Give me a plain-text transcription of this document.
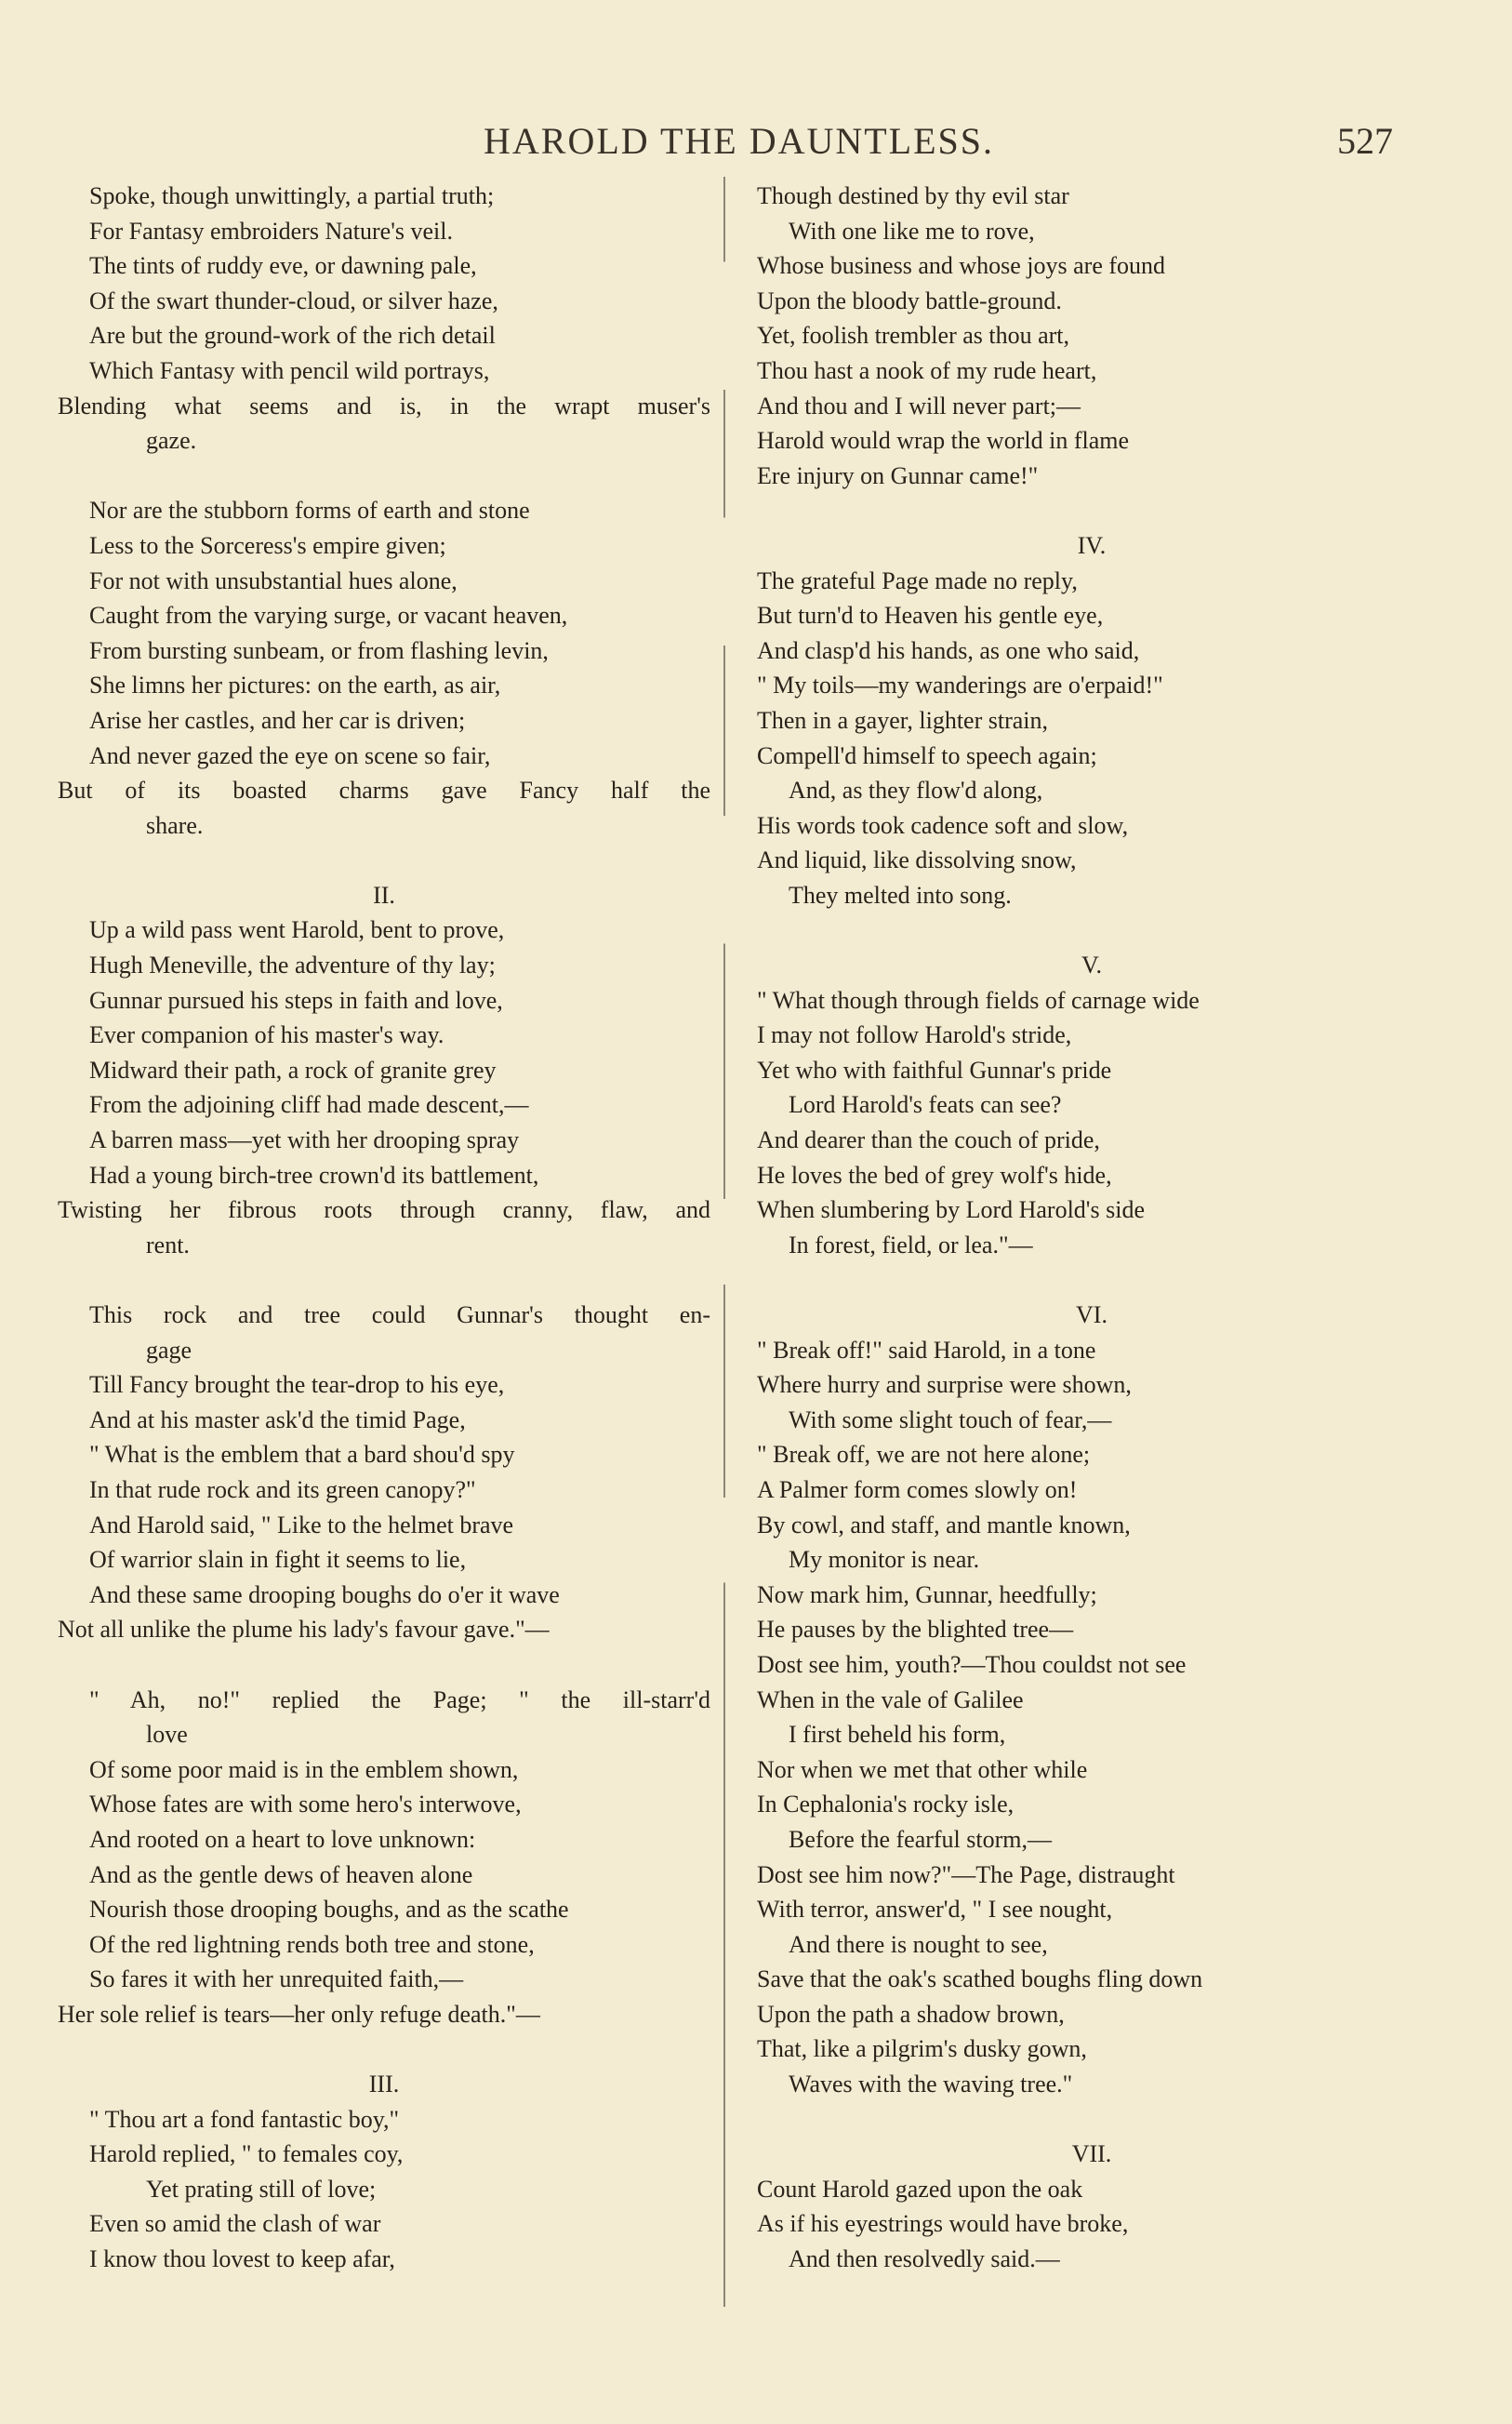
HAROLD THE DAUNTLESS.	527
Spoke, though unwittingly, a partial truth;
For Fantasy embroiders Nature's veil.
The tints of ruddy eve, or dawning pale,
Of the swart thunder-cloud, or silver haze,
Are but the ground-work of the rich detail
Which Fantasy with pencil wild portrays,
Blending what seems and is, in the wrapt muser's
gaze.
Nor are the stubborn forms of earth and stone
Less to the Sorceress's empire given;
For not with unsubstantial hues alone,
Caught from the varying surge, or vacant heaven,
From bursting sunbeam, or from flashing levin,
She limns her pictures: on the earth, as air,
Arise her castles, and her car is driven;
And never gazed the eye on scene so fair,
But of its boasted charms gave Fancy half the
share.
II.
Up a wild pass went Harold, bent to prove,
Hugh Meneville, the adventure of thy lay;
Gunnar pursued his steps in faith and love,
Ever companion of his master's way.
Midward their path, a rock of granite grey
From the adjoining cliff had made descent,—
A barren mass—yet with her drooping spray
Had a young birch-tree crown'd its battlement,
Twisting her fibrous roots through cranny, flaw, and
rent.
This rock and tree could Gunnar's thought en-
gage
Till Fancy brought the tear-drop to his eye,
And at his master ask'd the timid Page,
" What is the emblem that a bard shou'd spy
In that rude rock and its green canopy?"
And Harold said, " Like to the helmet brave
Of warrior slain in fight it seems to lie,
And these same drooping boughs do o'er it wave
Not all unlike the plume his lady's favour gave."—
" Ah, no!" replied the Page; " the ill-starr'd
love
Of some poor maid is in the emblem shown,
Whose fates are with some hero's interwove,
And rooted on a heart to love unknown:
And as the gentle dews of heaven alone
Nourish those drooping boughs, and as the scathe
Of the red lightning rends both tree and stone,
So fares it with her unrequited faith,—
Her sole relief is tears—her only refuge death."—
III.
" Thou art a fond fantastic boy,"
Harold replied, " to females coy,
Yet prating still of love;
Even so amid the clash of war
I know thou lovest to keep afar,
Though destined by thy evil star
With one like me to rove,
Whose business and whose joys are found
Upon the bloody battle-ground.
Yet, foolish trembler as thou art,
Thou hast a nook of my rude heart,
And thou and I will never part;—
Harold would wrap the world in flame
Ere injury on Gunnar came!"
IV.
The grateful Page made no reply,
But turn'd to Heaven his gentle eye,
And clasp'd his hands, as one who said,
" My toils—my wanderings are o'erpaid!"
Then in a gayer, lighter strain,
Compell'd himself to speech again;
And, as they flow'd along,
His words took cadence soft and slow,
And liquid, like dissolving snow,
They melted into song.
V.
" What though through fields of carnage wide
I may not follow Harold's stride,
Yet who with faithful Gunnar's pride
Lord Harold's feats can see?
And dearer than the couch of pride,
He loves the bed of grey wolf's hide,
When slumbering by Lord Harold's side
In forest, field, or lea."—
VI.
" Break off!" said Harold, in a tone
Where hurry and surprise were shown,
With some slight touch of fear,—
" Break off, we are not here alone;
A Palmer form comes slowly on!
By cowl, and staff, and mantle known,
My monitor is near.
Now mark him, Gunnar, heedfully;
He pauses by the blighted tree—
Dost see him, youth?—Thou couldst not see
When in the vale of Galilee
I first beheld his form,
Nor when we met that other while
In Cephalonia's rocky isle,
Before the fearful storm,—
Dost see him now?"—The Page, distraught
With terror, answer'd, " I see nought,
And there is nought to see,
Save that the oak's scathed boughs fling down
Upon the path a shadow brown,
That, like a pilgrim's dusky gown,
Waves with the waving tree."
VII.
Count Harold gazed upon the oak
As if his eyestrings would have broke,
And then resolvedly said.—
